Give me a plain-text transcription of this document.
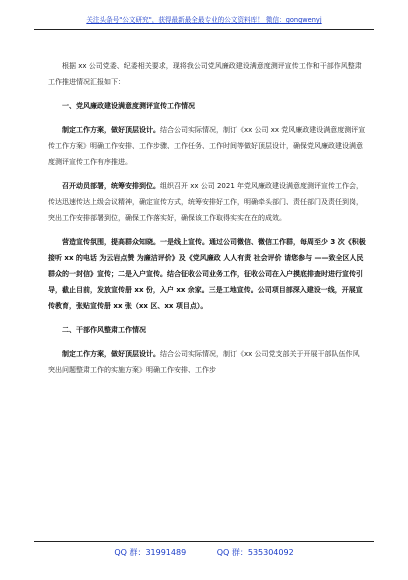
关注头条号"公文研究"，获得最新最全最专业的公文资料库！ 微信：gongwenyj

根据 xx 公司党委、纪委相关要求，现将我公司党风廉政建设满意度测评宣传工作和干部作风整肃工作推进情况汇报如下：

一、党风廉政建设满意度测评宣传工作情况

制定工作方案，做好顶层设计。结合公司实际情况，制订《xx 公司 xx 党风廉政建设满意度测评宣传工作方案》明确工作安排、工作步骤、工作任务、工作时间等做好顶层设计，确保党风廉政建设满意度测评宣传工作有序推进。

召开动员部署，统筹安排到位。组织召开 xx 公司 2021 年党风廉政建设满意度测评宣传工作会，传达迅速传达上级会议精神，确定宣传方式，统筹安排好工作，明确牵头部门、责任部门及责任到岗，突出工作安排部署到位，确保工作落实好，确保该工作取得实实在在的成效。

营造宣传氛围，提高群众知晓。一是线上宣传。通过公司微信、微信工作群，每周至少 3 次《积极接听 xx 的电话 为云岩点赞 为廉洁评价》及《党风廉政 人人有责 社会评价 请您参与 ——致全区人民群众的一封信》宣传；二是入户宣传。结合征收公司业务工作，征收公司在入户摸底排查时进行宣传引导，截止目前，发放宣传册 xx 份，入户 xx 余家。三是工地宣传。公司项目部深入建设一线，开展宣传教育，张贴宣传册 xx 张（xx 区、xx 项目点）。

二、干部作风整肃工作情况

制定工作方案，做好顶层设计。结合公司实际情况，制订《xx 公司党支部关于开展干部队伍作风突出问题整肃工作的实施方案》明确工作安排、工作步

QQ 群：31991489	QQ 群：535304092
